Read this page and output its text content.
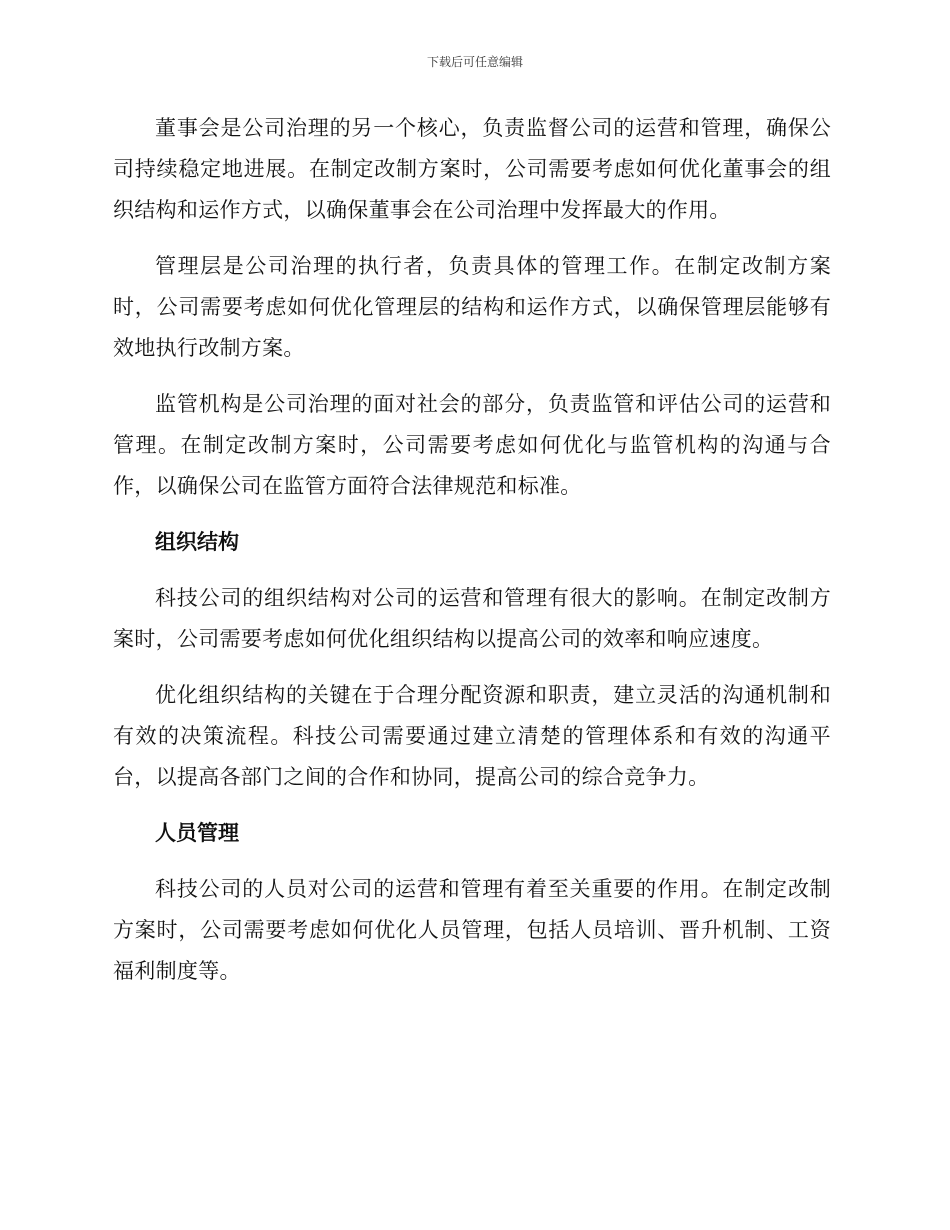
下载后可任意编辑

董事会是公司治理的另一个核心，负责监督公司的运营和管理，确保公司持续稳定地进展。在制定改制方案时，公司需要考虑如何优化董事会的组织结构和运作方式，以确保董事会在公司治理中发挥最大的作用。

管理层是公司治理的执行者，负责具体的管理工作。在制定改制方案时，公司需要考虑如何优化管理层的结构和运作方式，以确保管理层能够有效地执行改制方案。

监管机构是公司治理的面对社会的部分，负责监管和评估公司的运营和管理。在制定改制方案时，公司需要考虑如何优化与监管机构的沟通与合作，以确保公司在监管方面符合法律规范和标准。

组织结构

科技公司的组织结构对公司的运营和管理有很大的影响。在制定改制方案时，公司需要考虑如何优化组织结构以提高公司的效率和响应速度。

优化组织结构的关键在于合理分配资源和职责，建立灵活的沟通机制和有效的决策流程。科技公司需要通过建立清楚的管理体系和有效的沟通平台，以提高各部门之间的合作和协同，提高公司的综合竞争力。

人员管理

科技公司的人员对公司的运营和管理有着至关重要的作用。在制定改制方案时，公司需要考虑如何优化人员管理，包括人员培训、晋升机制、工资福利制度等。
